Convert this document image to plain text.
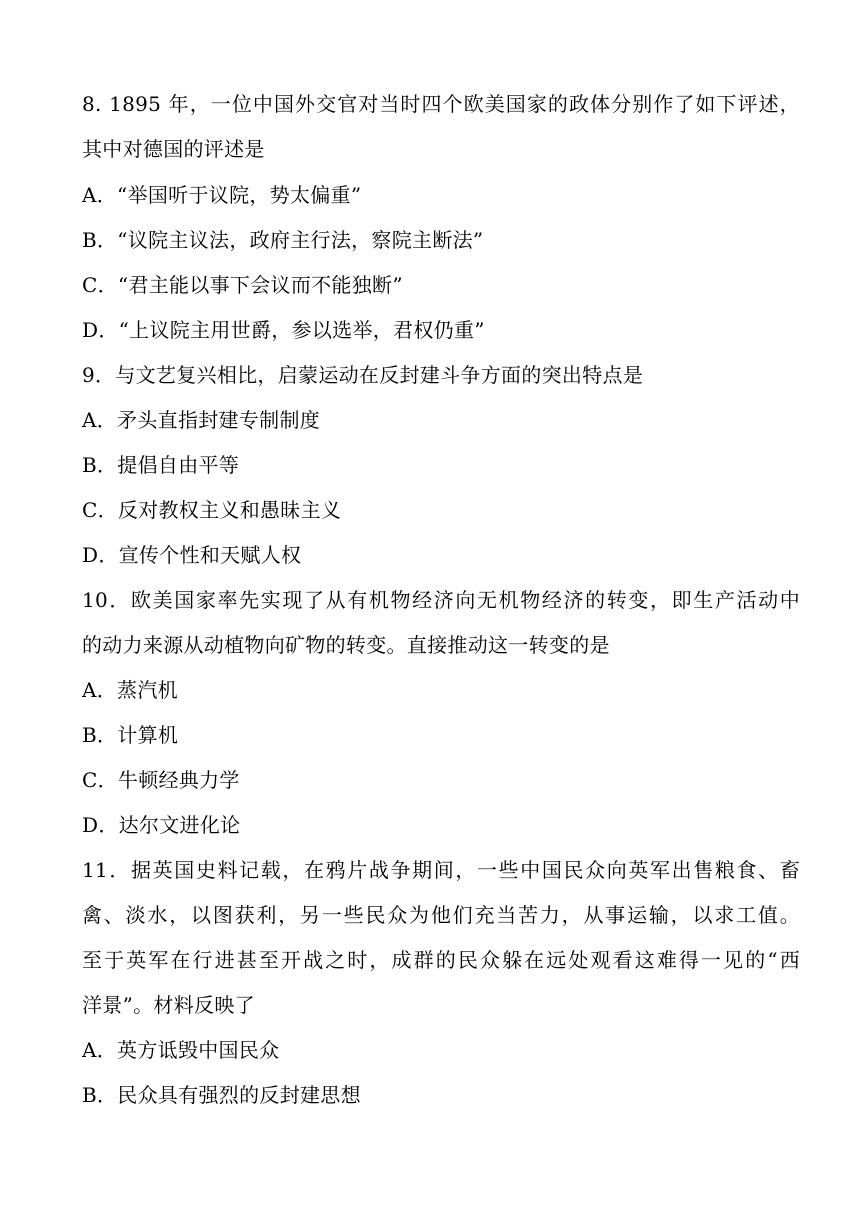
8. 1895 年，一位中国外交官对当时四个欧美国家的政体分别作了如下评述，
其中对德国的评述是
A．“举国听于议院，势太偏重”
B．“议院主议法，政府主行法，察院主断法”
C．“君主能以事下会议而不能独断”
D．“上议院主用世爵，参以选举，君权仍重”
9．与文艺复兴相比，启蒙运动在反封建斗争方面的突出特点是
A．矛头直指封建专制制度
B．提倡自由平等
C．反对教权主义和愚昧主义
D．宣传个性和天赋人权
10．欧美国家率先实现了从有机物经济向无机物经济的转变，即生产活动中
的动力来源从动植物向矿物的转变。直接推动这一转变的是
A．蒸汽机
B．计算机
C．牛顿经典力学
D．达尔文进化论
11．据英国史料记载，在鸦片战争期间，一些中国民众向英军出售粮食、畜
禽、淡水，以图获利，另一些民众为他们充当苦力，从事运输，以求工值。
至于英军在行进甚至开战之时，成群的民众躲在远处观看这难得一见的“西
洋景”。材料反映了
A．英方诋毁中国民众
B．民众具有强烈的反封建思想
